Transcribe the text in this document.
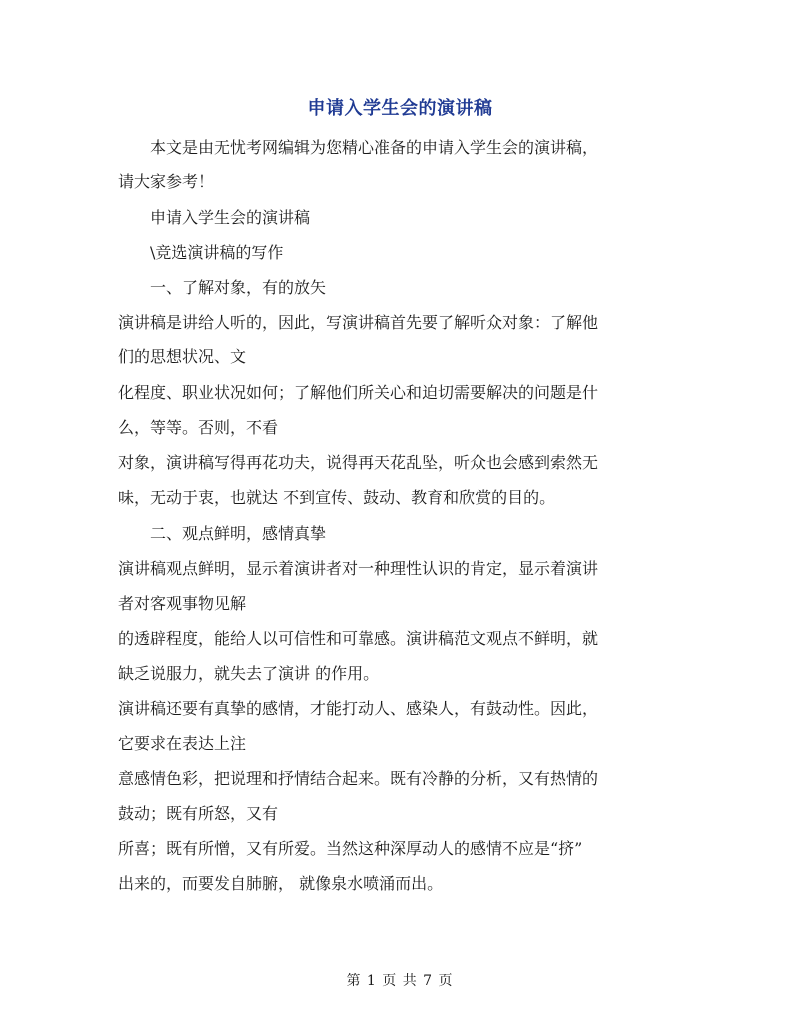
申请入学生会的演讲稿
本文是由无忧考网编辑为您精心准备的申请入学生会的演讲稿，
请大家参考！
申请入学生会的演讲稿
\竞选演讲稿的写作
一、了解对象，有的放矢
演讲稿是讲给人听的，因此，写演讲稿首先要了解听众对象：了解他
们的思想状况、文
化程度、职业状况如何；了解他们所关心和迫切需要解决的问题是什
么，等等。否则，不看
对象，演讲稿写得再花功夫，说得再天花乱坠，听众也会感到索然无
味，无动于衷，也就达 不到宣传、鼓动、教育和欣赏的目的。
二、观点鲜明，感情真挚
演讲稿观点鲜明，显示着演讲者对一种理性认识的肯定，显示着演讲
者对客观事物见解
的透辟程度，能给人以可信性和可靠感。演讲稿范文观点不鲜明，就
缺乏说服力，就失去了演讲 的作用。
演讲稿还要有真挚的感情，才能打动人、感染人，有鼓动性。因此，
它要求在表达上注
意感情色彩，把说理和抒情结合起来。既有冷静的分析，又有热情的
鼓动；既有所怒，又有
所喜；既有所憎，又有所爱。当然这种深厚动人的感情不应是“挤”
出来的，而要发自肺腑， 就像泉水喷涌而出。
第 1 页 共 7 页
